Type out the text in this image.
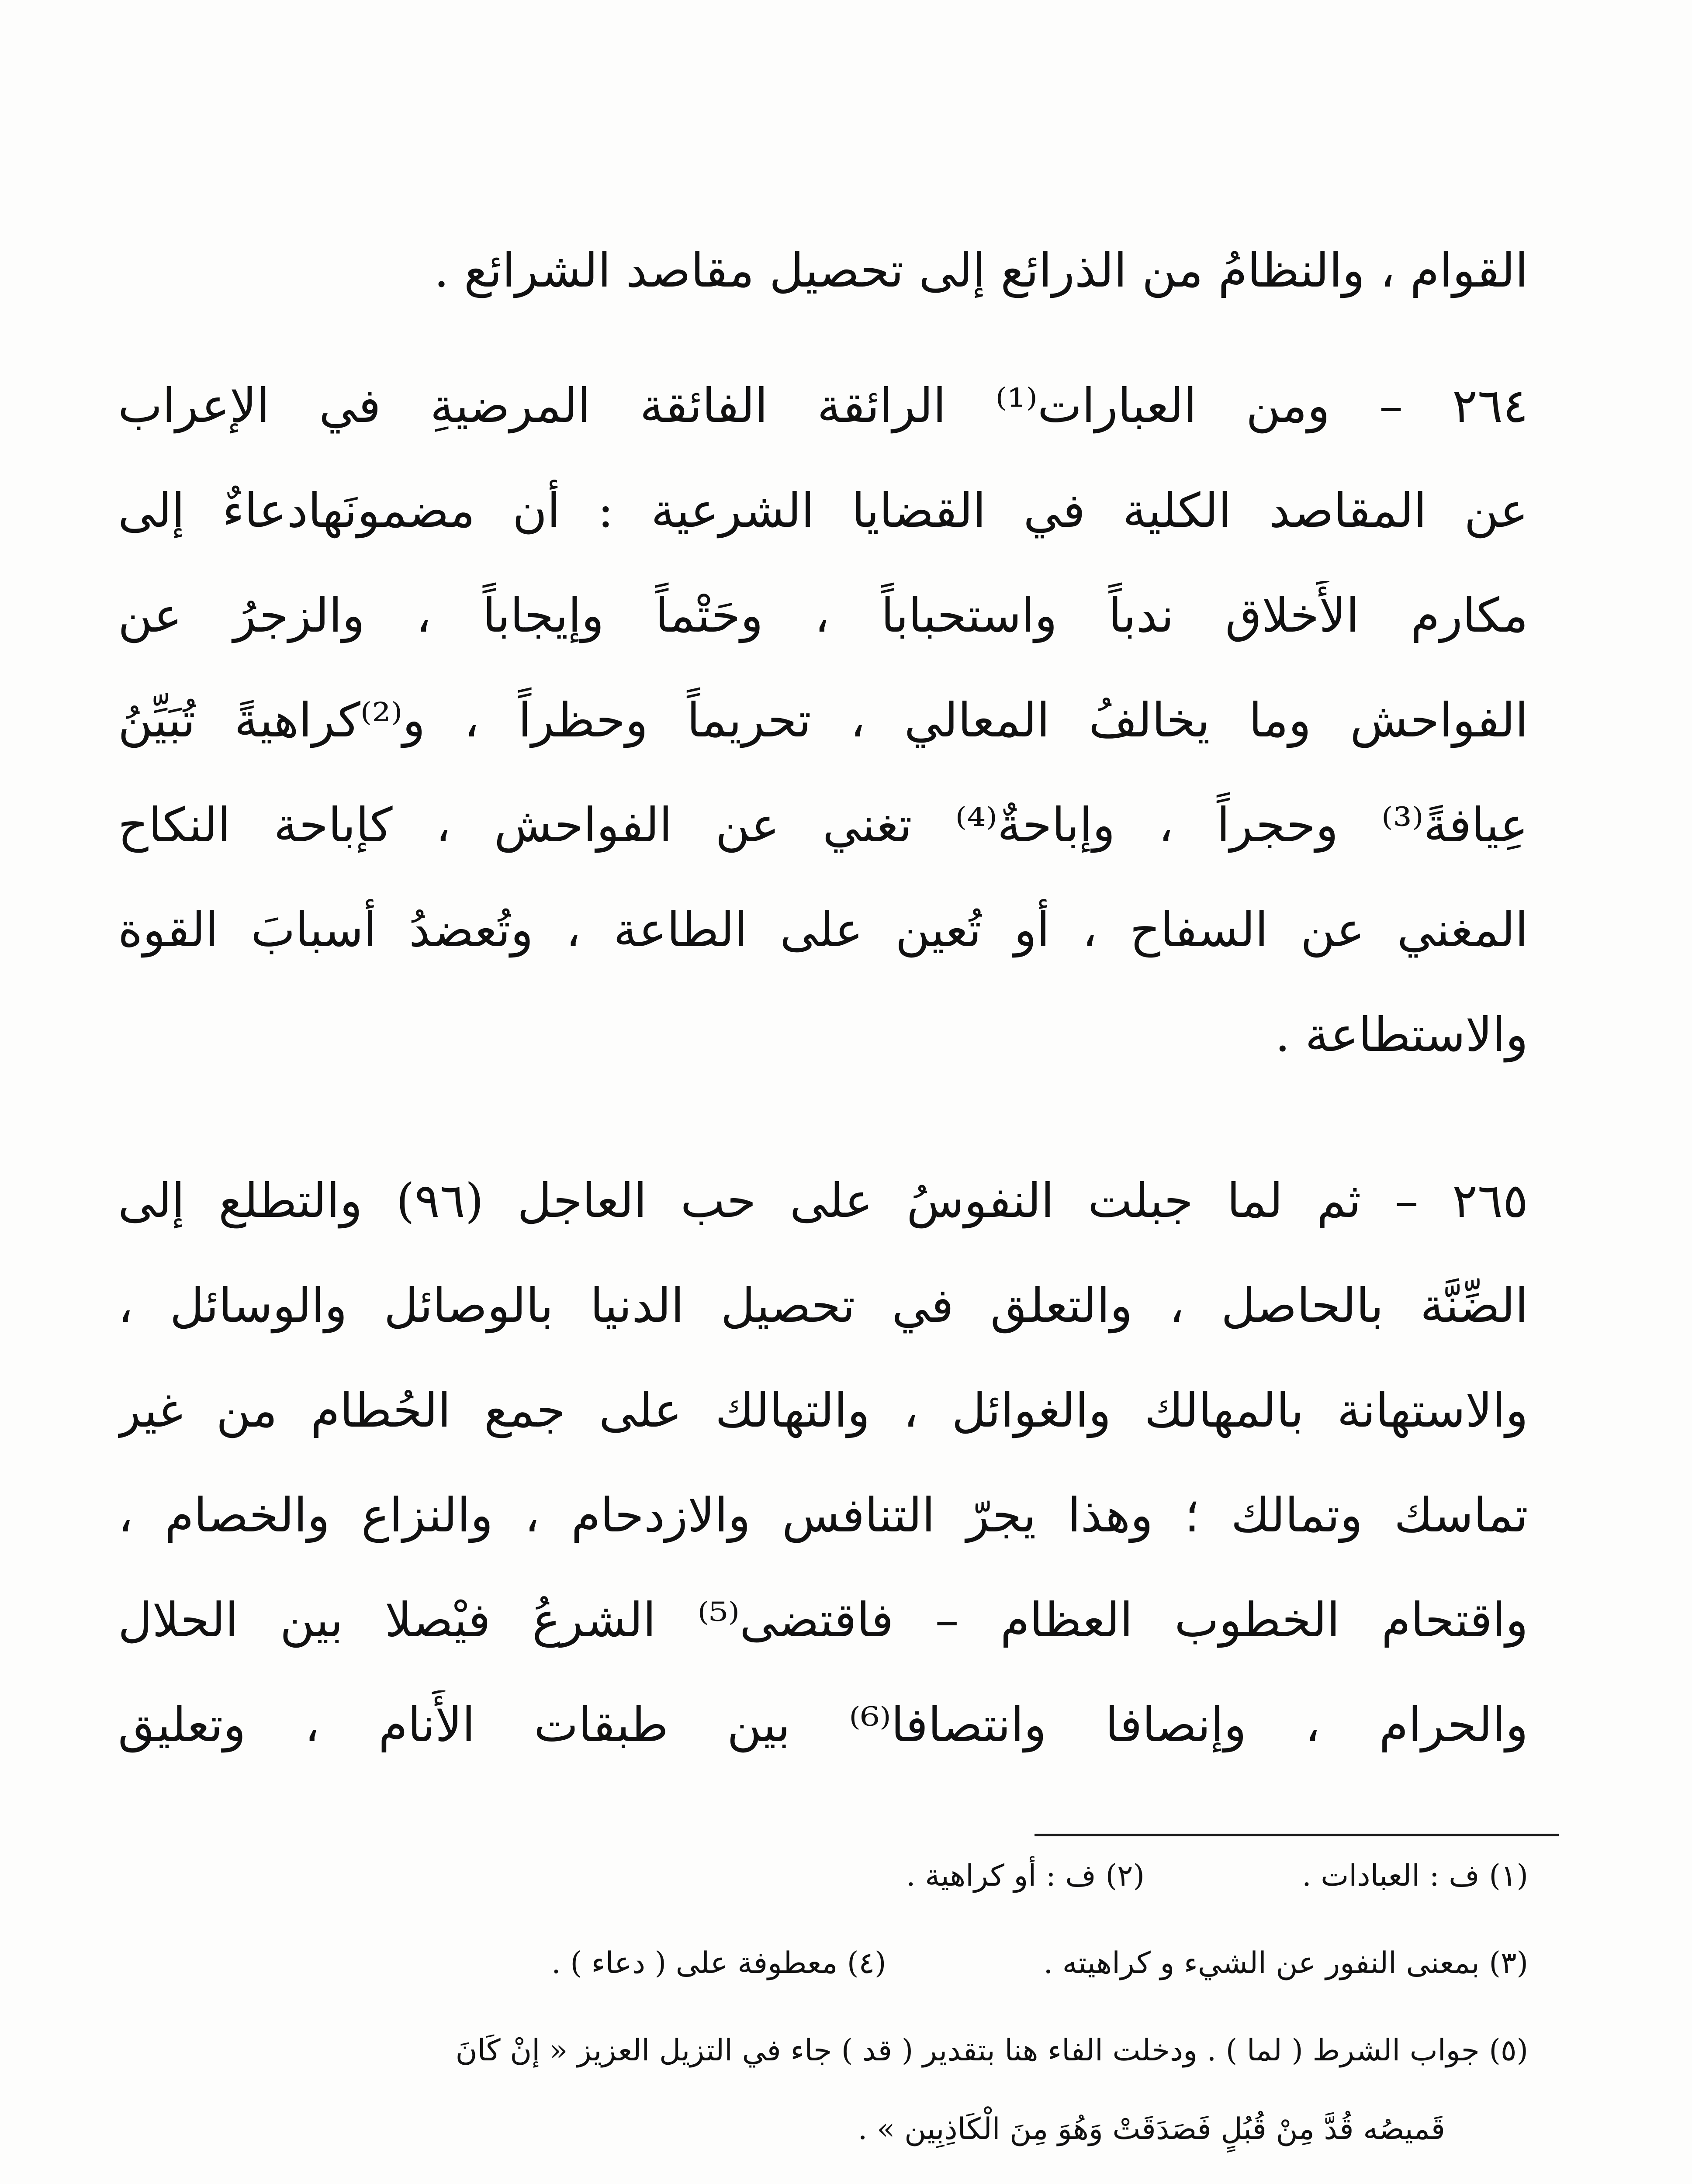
القوام ، والنظامُ من الذرائع إلى تحصيل مقاصد الشرائع .
٢٦٤ – ومن العبارات⁽¹⁾ الرائقة الفائقة المرضيةِ في الإعراب
عن المقاصد الكلية في القضايا الشرعية : أن مضمونَهادعاءٌ إلى
مكارم الأَخلاق ندباً واستحباباً ، وحَتْماً وإيجاباً ، والزجرُ عن
الفواحش وما يخالفُ المعالي ، تحريماً وحظراً ، و⁽²⁾كراهيةً تُبَيِّنُ
عِيافةً⁽³⁾ وحجراً ، وإباحةٌ⁽⁴⁾ تغني عن الفواحش ، كإباحة النكاح
المغني عن السفاح ، أو تُعين على الطاعة ، وتُعضدُ أسبابَ القوة
والاستطاعة .
٢٦٥ – ثم لما جبلت النفوسُ على حب العاجل (٩٦) والتطلع إلى
الضِّنَّة بالحاصل ، والتعلق في تحصيل الدنيا بالوصائل والوسائل ،
والاستهانة بالمهالك والغوائل ، والتهالك على جمع الحُطام من غير
تماسك وتمالك ؛ وهذا يجرّ التنافس والازدحام ، والنزاع والخصام ،
واقتحام الخطوب العظام – فاقتضى⁽⁵⁾ الشرعُ فيْصلا بين الحلال
والحرام ، وإنصافا وانتصافا⁽⁶⁾ بين طبقات الأَنام ، وتعليق
(١) ف : العبادات .
(٢) ف : أو كراهية .
(٣) بمعنى النفور عن الشيء و كراهيته .
(٤) معطوفة على ( دعاء ) .
(٥) جواب الشرط ( لما ) . ودخلت الفاء هنا بتقدير ( قد ) جاء في التزيل العزيز « إنْ كَانَ
قَميصُه قُدَّ مِنْ قُبُلٍ فَصَدَقَتْ وَهُوَ مِنَ الْكَاذِبِين » .
